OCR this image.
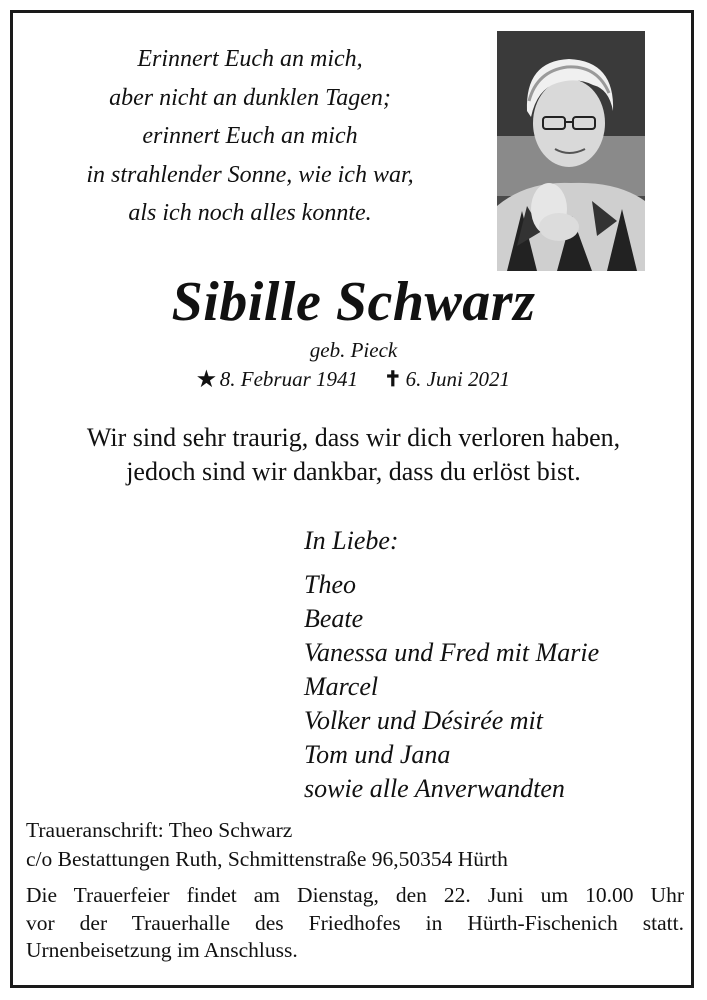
Erinnert Euch an mich,
aber nicht an dunklen Tagen;
erinnert Euch an mich
in strahlender Sonne, wie ich war,
als ich noch alles konnte.
Sibille Schwarz
geb. Pieck
★ 8. Februar 1941 ✝ 6. Juni 2021
Wir sind sehr traurig, dass wir dich verloren haben,
jedoch sind wir dankbar, dass du erlöst bist.
In Liebe:
Theo
Beate
Vanessa und Fred mit Marie
Marcel
Volker und Désirée mit
Tom und Jana
sowie alle Anverwandten
Traueranschrift: Theo Schwarz
c/o Bestattungen Ruth, Schmittenstraße 96,50354 Hürth
Die Trauerfeier findet am Dienstag, den 22. Juni um 10.00 Uhr
vor der Trauerhalle des Friedhofes in Hürth-Fischenich statt.
Urnenbeisetzung im Anschluss.
